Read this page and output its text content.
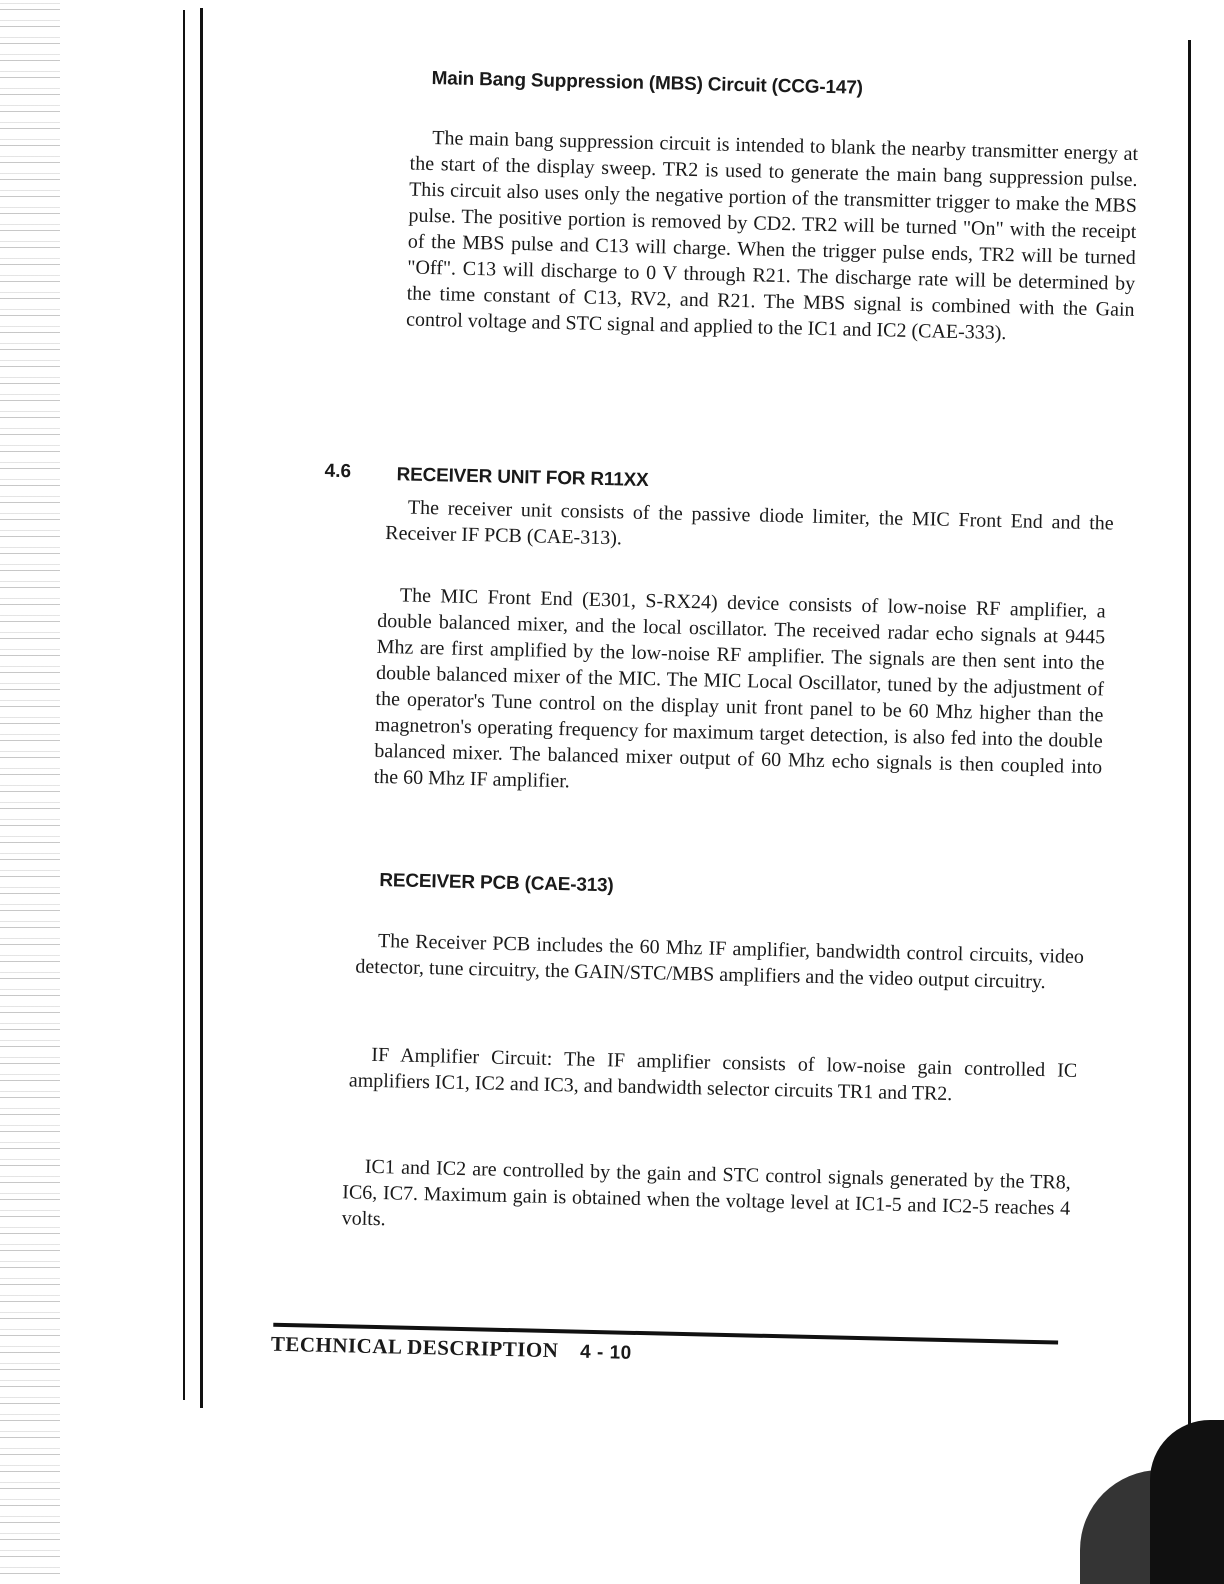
Main Bang Suppression (MBS) Circuit (CCG-147)

The main bang suppression circuit is intended to blank the nearby transmitter energy at the start of the display sweep. TR2 is used to generate the main bang suppression pulse. This circuit also uses only the negative portion of the transmitter trigger to make the MBS pulse. The positive portion is removed by CD2. TR2 will be turned "On" with the receipt of the MBS pulse and C13 will charge. When the trigger pulse ends, TR2 will be turned "Off". C13 will discharge to 0 V through R21. The discharge rate will be determined by the time constant of C13, RV2, and R21. The MBS signal is combined with the Gain control voltage and STC signal and applied to the IC1 and IC2 (CAE-333).

4.6 RECEIVER UNIT FOR R11XX

The receiver unit consists of the passive diode limiter, the MIC Front End and the Receiver IF PCB (CAE-313).

The MIC Front End (E301, S-RX24) device consists of low-noise RF amplifier, a double balanced mixer, and the local oscillator. The received radar echo signals at 9445 Mhz are first amplified by the low-noise RF amplifier. The signals are then sent into the double balanced mixer of the MIC. The MIC Local Oscillator, tuned by the adjustment of the operator's Tune control on the display unit front panel to be 60 Mhz higher than the magnetron's operating frequency for maximum target detection, is also fed into the double balanced mixer. The balanced mixer output of 60 Mhz echo signals is then coupled into the 60 Mhz IF amplifier.

RECEIVER PCB (CAE-313)

The Receiver PCB includes the 60 Mhz IF amplifier, bandwidth control circuits, video detector, tune circuitry, the GAIN/STC/MBS amplifiers and the video output circuitry.

IF Amplifier Circuit: The IF amplifier consists of low-noise gain controlled IC amplifiers IC1, IC2 and IC3, and bandwidth selector circuits TR1 and TR2.

IC1 and IC2 are controlled by the gain and STC control signals generated by the TR8, IC6, IC7. Maximum gain is obtained when the voltage level at IC1-5 and IC2-5 reaches 4 volts.

TECHNICAL DESCRIPTION 4 - 10
